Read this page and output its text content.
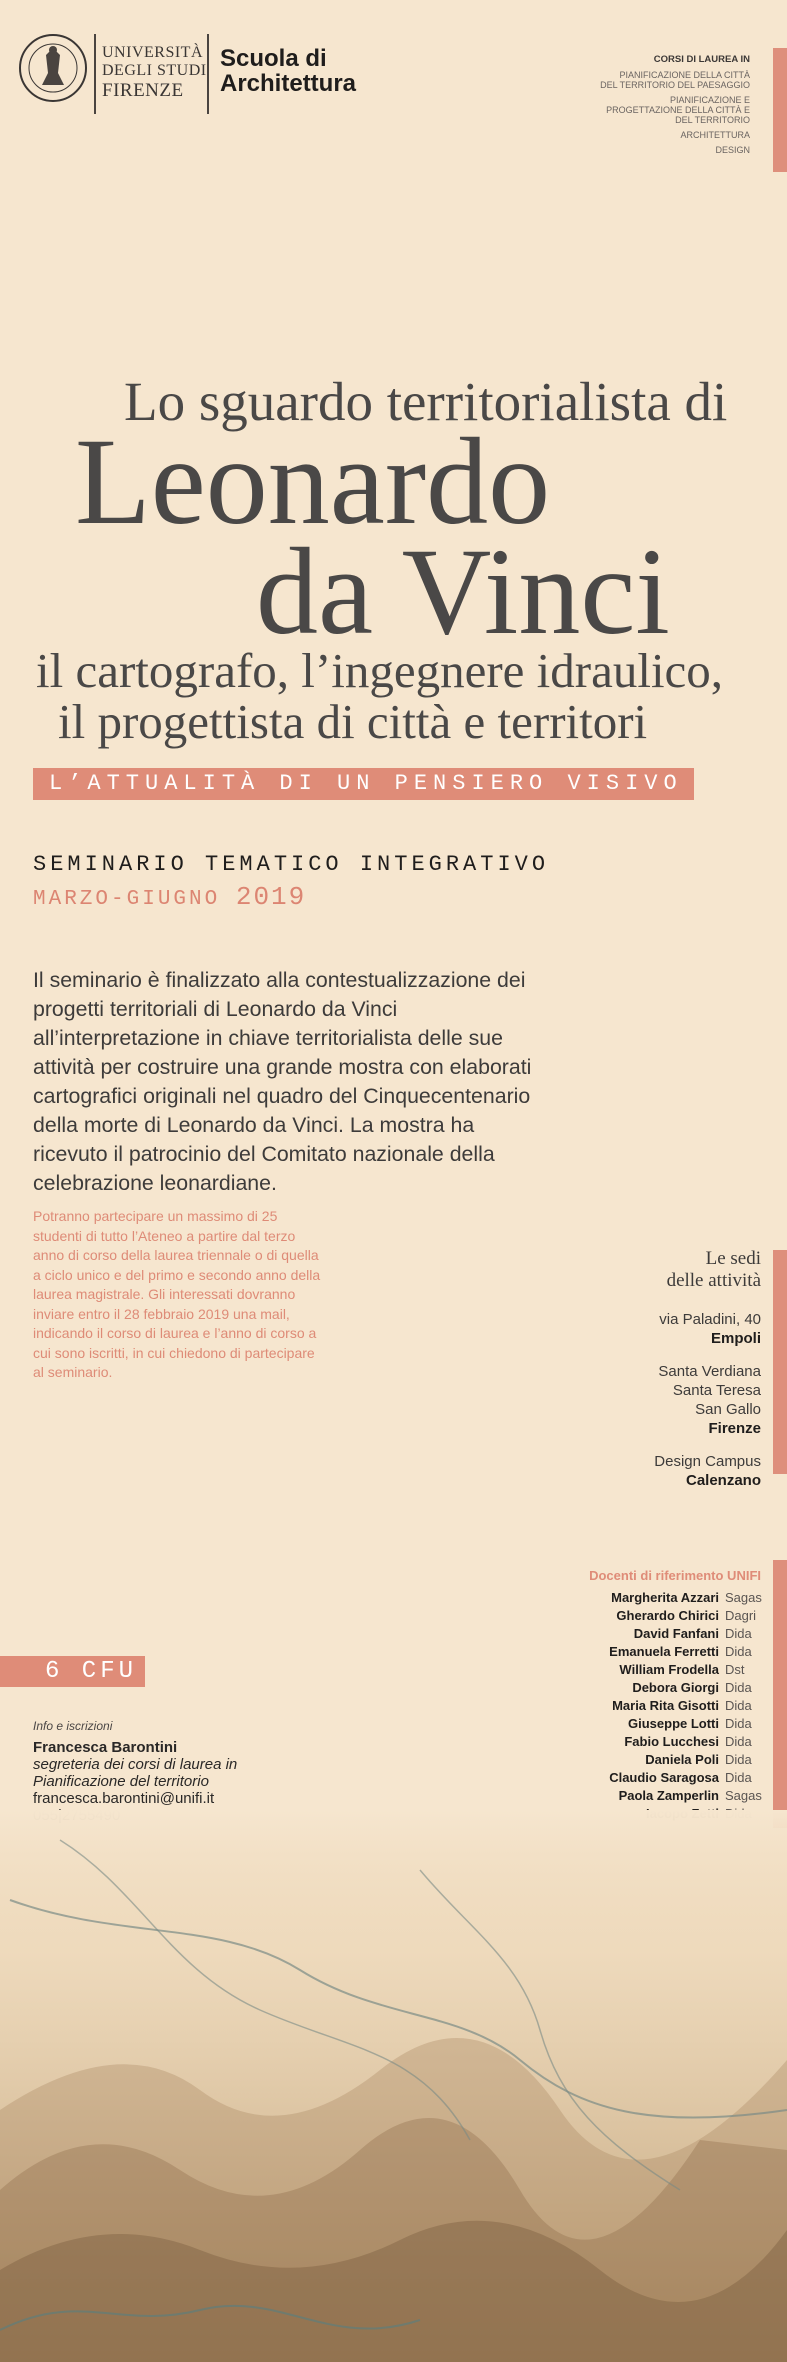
UNIVERSITÀ
DEGLI STUDI
FIRENZE
Scuola di
Architettura
CORSI DI LAUREA IN
PIANIFICAZIONE DELLA CITTÀ DEL TERRITORIO DEL PAESAGGIO
PIANIFICAZIONE E PROGETTAZIONE DELLA CITTÀ E DEL TERRITORIO
ARCHITETTURA
DESIGN
Lo sguardo territorialista di
Leonardo
da Vinci
il cartografo, l’ingegnere idraulico,
il progettista di città e territori
L’ATTUALITÀ DI UN PENSIERO VISIVO
SEMINARIO TEMATICO INTEGRATIVO
MARZO-GIUGNO 2019
Il seminario è finalizzato alla contestualizzazione dei progetti territoriali di Leonardo da Vinci all’interpretazione in chiave territorialista delle sue attività per costruire una grande mostra con elaborati cartografici originali nel quadro del Cinquecentenario della morte di Leonardo da Vinci. La mostra ha ricevuto il patrocinio del Comitato nazionale della celebrazione leonardiane.
Potranno partecipare un massimo di 25 studenti di tutto l’Ateneo a partire dal terzo anno di corso della laurea triennale o di quella a ciclo unico e del primo e secondo anno della laurea magistrale. Gli interessati dovranno inviare entro il 28 febbraio 2019 una mail, indicando il corso di laurea e l’anno di corso a cui sono iscritti, in cui chiedono di partecipare al seminario.
Le sedi
delle attività
via Paladini, 40
Empoli
Santa Verdiana
Santa Teresa
San Gallo
Firenze
Design Campus
Calenzano
Docenti di riferimento UNIFI
Margherita Azzari Sagas
Gherardo Chirici Dagri
David Fanfani Dida
Emanuela Ferretti Dida
William Frodella Dst
Debora Giorgi Dida
Maria Rita Gisotti Dida
Giuseppe Lotti Dida
Fabio Lucchesi Dida
Daniela Poli Dida
Claudio Saragosa Dida
Paola Zamperlin Sagas
6 CFU
Info e iscrizioni
Francesca Barontini
segreteria dei corsi di laurea in
Pianificazione del territorio
francesca.barontini@unifi.it
